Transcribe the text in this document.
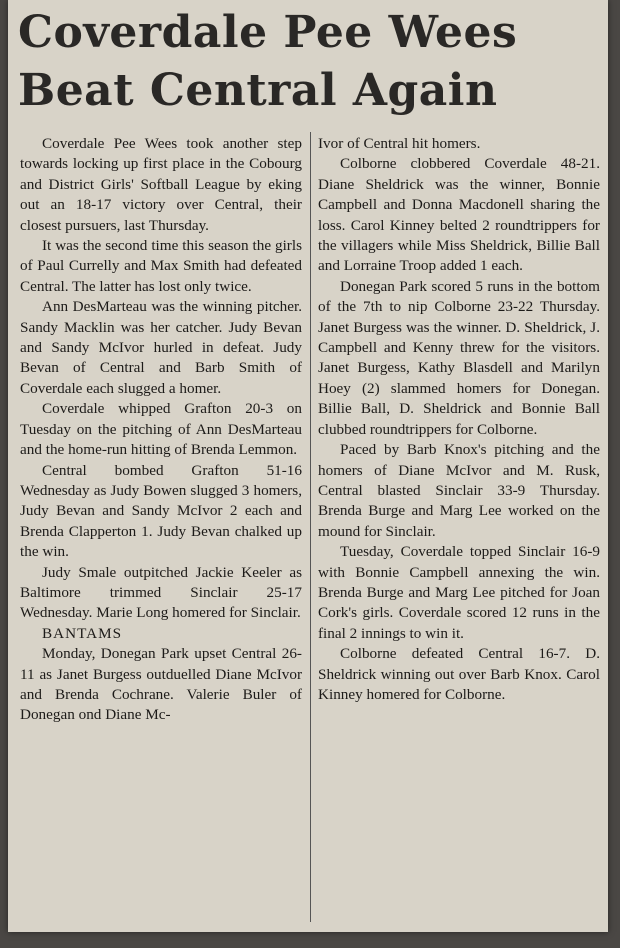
Coverdale Pee Wees
Beat Central Again

Coverdale Pee Wees took another step towards locking up first place in the Cobourg and District Girls' Softball League by eking out an 18-17 victory over Central, their closest pursuers, last Thursday.

It was the second time this season the girls of Paul Currelly and Max Smith had defeated Central. The latter has lost only twice.

Ann DesMarteau was the winning pitcher. Sandy Macklin was her catcher. Judy Bevan and Sandy McIvor hurled in defeat. Judy Bevan of Central and Barb Smith of Coverdale each slugged a homer.

Coverdale whipped Grafton 20-3 on Tuesday on the pitching of Ann DesMarteau and the home-run hitting of Brenda Lemmon.

Central bombed Grafton 51-16 Wednesday as Judy Bowen slugged 3 homers, Judy Bevan and Sandy McIvor 2 each and Brenda Clapperton 1. Judy Bevan chalked up the win.

Judy Smale outpitched Jackie Keeler as Baltimore trimmed Sinclair 25-17 Wednesday. Marie Long homered for Sinclair.

BANTAMS

Monday, Donegan Park upset Central 26-11 as Janet Burgess outduelled Diane McIvor and Brenda Cochrane. Valerie Buler of Donegan ond Diane Mc-

Ivor of Central hit homers.

Colborne clobbered Coverdale 48-21. Diane Sheldrick was the winner, Bonnie Campbell and Donna Macdonell sharing the loss. Carol Kinney belted 2 roundtrippers for the villagers while Miss Sheldrick, Billie Ball and Lorraine Troop added 1 each.

Donegan Park scored 5 runs in the bottom of the 7th to nip Colborne 23-22 Thursday. Janet Burgess was the winner. D. Sheldrick, J. Campbell and Kenny threw for the visitors. Janet Burgess, Kathy Blasdell and Marilyn Hoey (2) slammed homers for Donegan. Billie Ball, D. Sheldrick and Bonnie Ball clubbed roundtrippers for Colborne.

Paced by Barb Knox's pitching and the homers of Diane McIvor and M. Rusk, Central blasted Sinclair 33-9 Thursday. Brenda Burge and Marg Lee worked on the mound for Sinclair.

Tuesday, Coverdale topped Sinclair 16-9 with Bonnie Campbell annexing the win. Brenda Burge and Marg Lee pitched for Joan Cork's girls. Coverdale scored 12 runs in the final 2 innings to win it.

Colborne defeated Central 16-7. D. Sheldrick winning out over Barb Knox. Carol Kinney homered for Colborne.
